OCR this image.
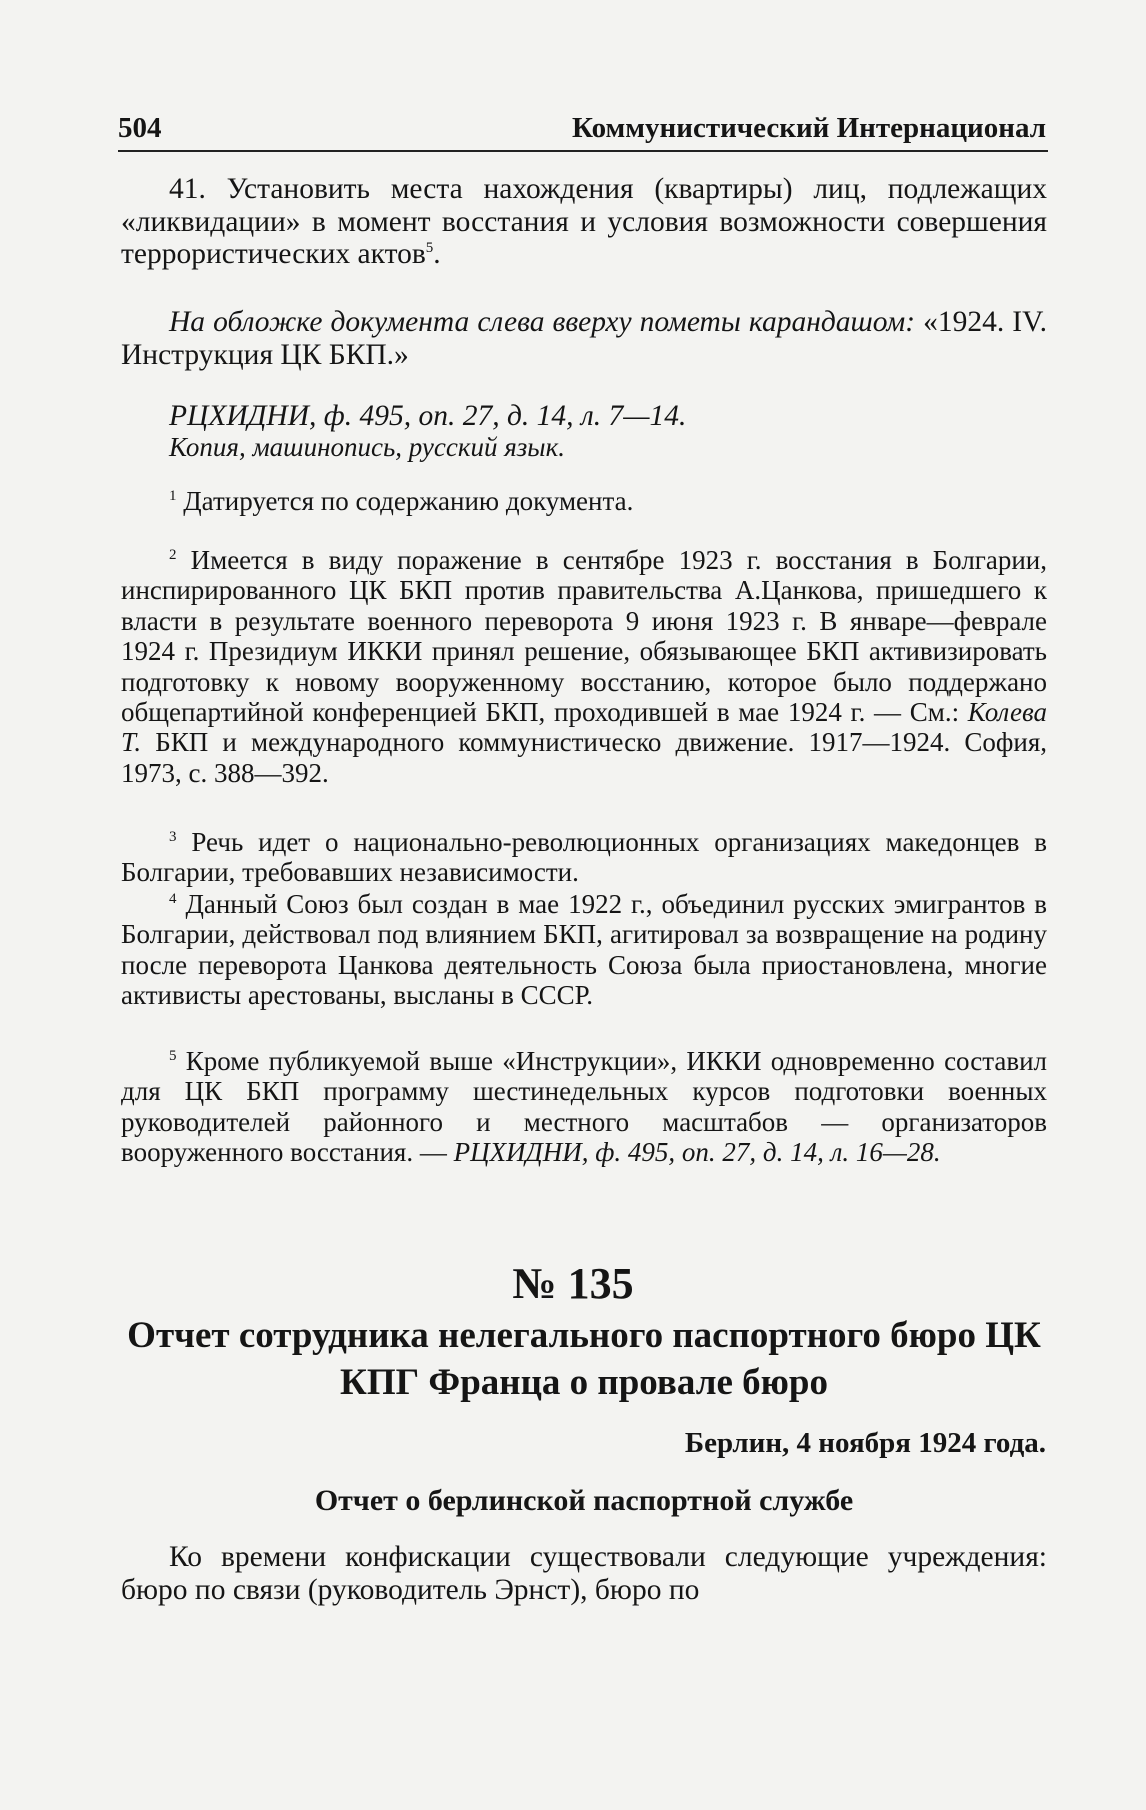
504	Коммунистический Интернационал

41. Установить места нахождения (квартиры) лиц, подлежащих «ликвидации» в момент восстания и условия возможности совершения террористических актов$^5$.

На обложке документа слева вверху пометы карандашом: «1924. IV. Инструкция ЦК БКП.»

РЦХИДНИ, ф. 495, оп. 27, д. 14, л. 7—14.

Копия, машинопись, русский язык.

$^1$ Датируется по содержанию документа.

$^2$ Имеется в виду поражение в сентябре 1923 г. восстания в Болгарии, инспирированного ЦК БКП против правительства А.Цанкова, пришедшего к власти в результате военного переворота 9 июня 1923 г. В январе—феврале 1924 г. Президиум ИККИ принял решение, обязывающее БКП активизировать подготовку к новому вооруженному восстанию, которое было поддержано общепартийной конференцией БКП, проходившей в мае 1924 г. — См.: Колева Т. БКП и международного коммунистическо движение. 1917—1924. София, 1973, с. 388—392.

$^3$ Речь идет о национально-революционных организациях македонцев в Болгарии, требовавших независимости.

$^4$ Данный Союз был создан в мае 1922 г., объединил русских эмигрантов в Болгарии, действовал под влиянием БКП, агитировал за возвращение на родину после переворота Цанкова деятельность Союза была приостановлена, многие активисты арестованы, высланы в СССР.

$^5$ Кроме публикуемой выше «Инструкции», ИККИ одновременно составил для ЦК БКП программу шестинедельных курсов подготовки военных руководителей районного и местного масштабов — организаторов вооруженного восстания. — РЦХИДНИ, ф. 495, оп. 27, д. 14, л. 16—28.

№ 135
Отчет сотрудника нелегального паспортного бюро ЦК КПГ Франца о провале бюро
Берлин, 4 ноября 1924 года.
Отчет о берлинской паспортной службе

Ко времени конфискации существовали следующие учреждения: бюро по связи (руководитель Эрнст), бюро по
